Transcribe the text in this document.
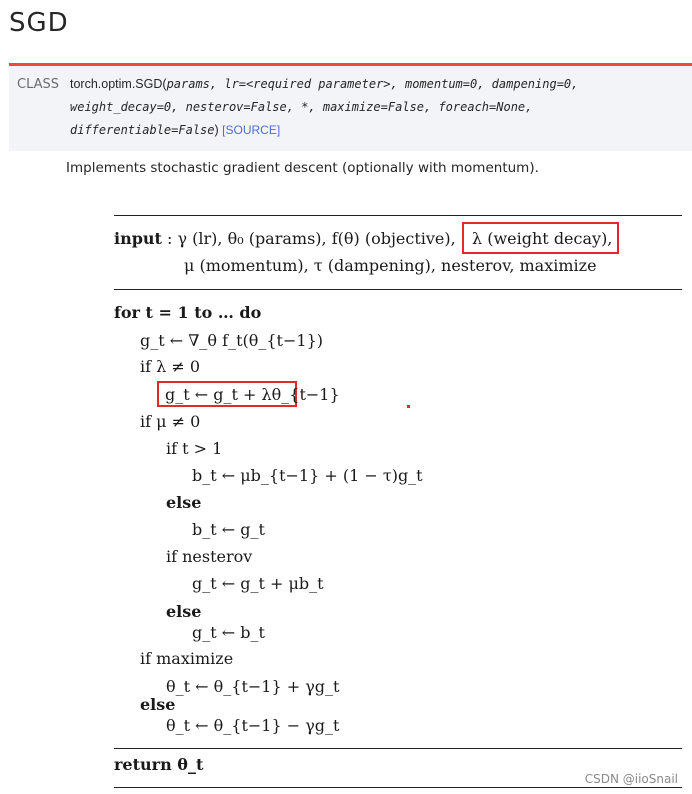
SGD
CLASS torch.optim.SGD(params, lr=<required parameter>, momentum=0, dampening=0,
weight_decay=0, nesterov=False, *, maximize=False, foreach=None,
differentiable=False) [SOURCE]
Implements stochastic gradient descent (optionally with momentum).
input : γ (lr), θ₀ (params), f(θ) (objective),	λ (weight decay),
μ (momentum), τ (dampening), nesterov, maximize
for t = 1 to … do
g_t ← ∇_θ f_t(θ_{t−1})
if λ ≠ 0
g_t ← g_t + λθ_{t−1}
if μ ≠ 0
if t > 1
b_t ← μb_{t−1} + (1 − τ)g_t
else
b_t ← g_t
if nesterov
g_t ← g_t + μb_t
else
g_t ← b_t
if maximize
θ_t ← θ_{t−1} + γg_t
else
θ_t ← θ_{t−1} − γg_t
return θ_t
CSDN @iioSnail
